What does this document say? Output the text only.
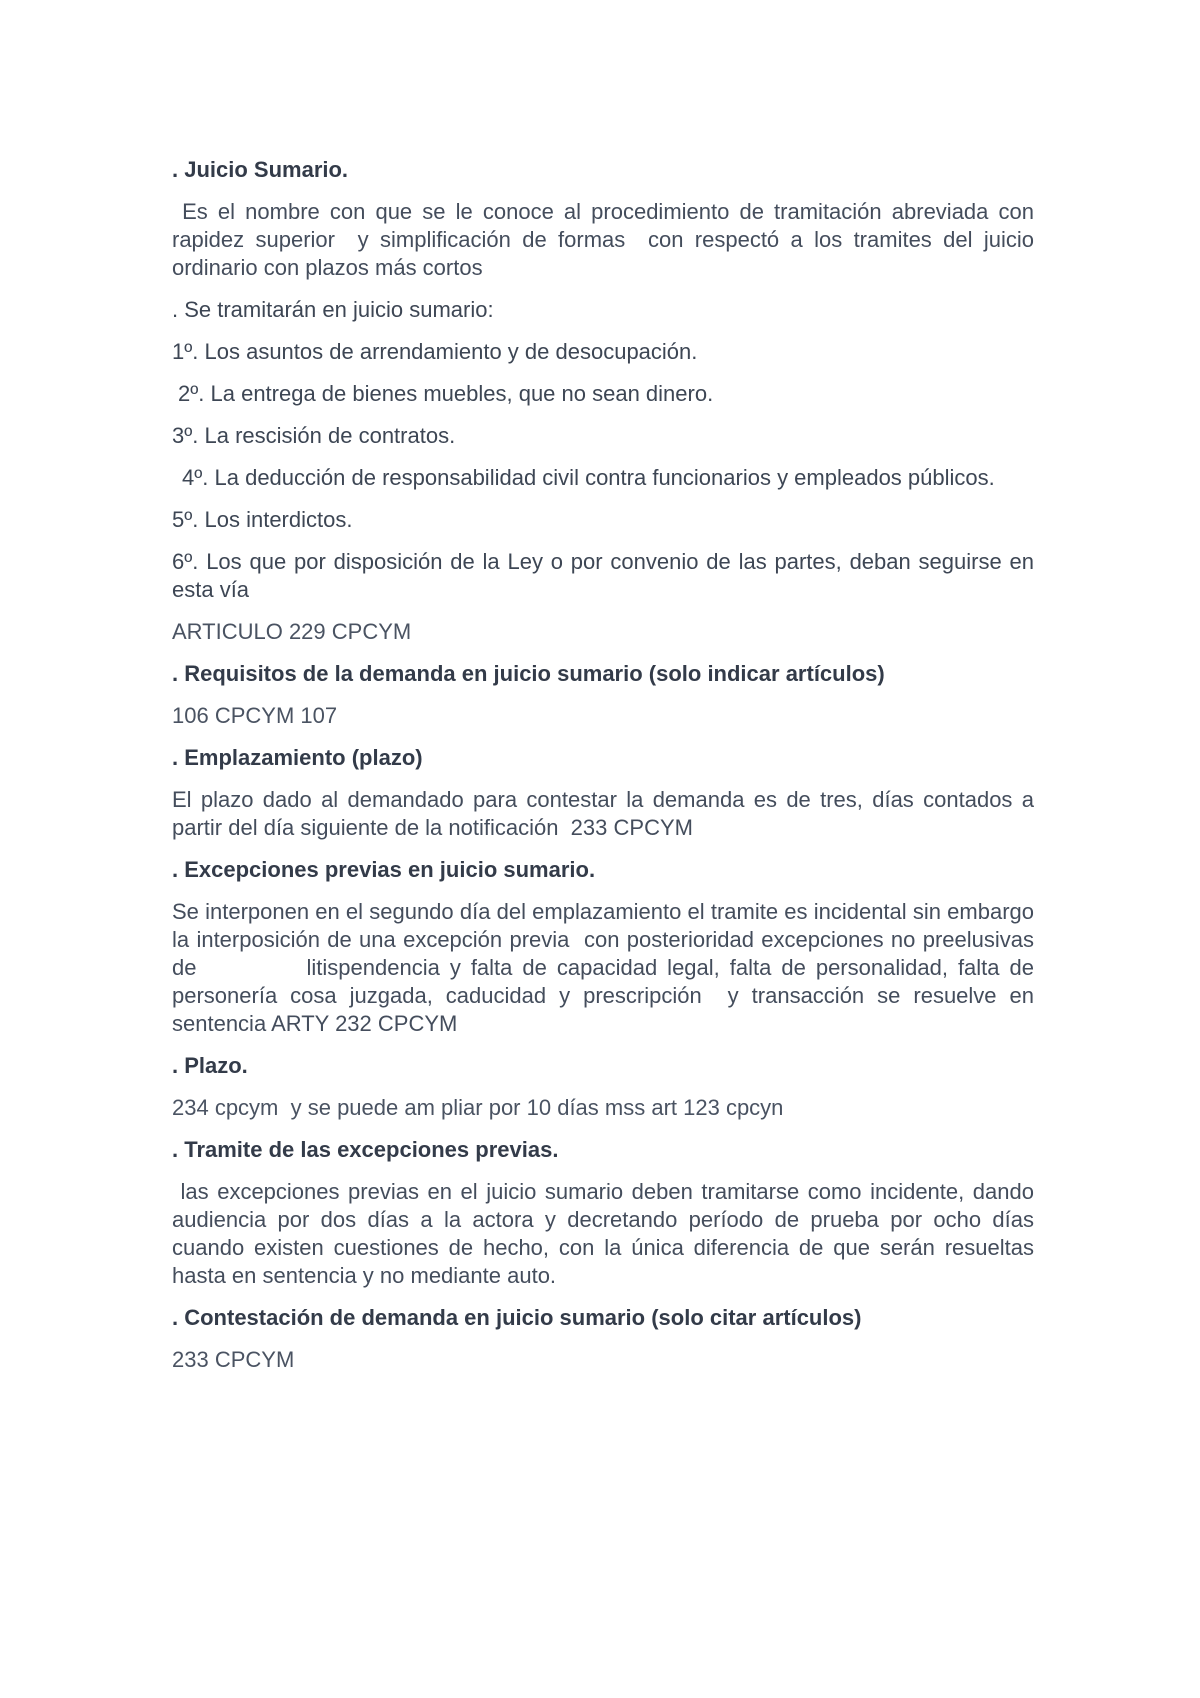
. Juicio Sumario.
Es el nombre con que se le conoce al procedimiento de tramitación abreviada con rapidez superior  y simplificación de formas  con respectó a los tramites del juicio ordinario con plazos más cortos
. Se tramitarán en juicio sumario:
1º. Los asuntos de arrendamiento y de desocupación.
2º. La entrega de bienes muebles, que no sean dinero.
3º. La rescisión de contratos.
4º. La deducción de responsabilidad civil contra funcionarios y empleados públicos.
5º. Los interdictos.
6º. Los que por disposición de la Ley o por convenio de las partes, deban seguirse en esta vía
ARTICULO 229 CPCYM
. Requisitos de la demanda en juicio sumario (solo indicar artículos)
106 CPCYM 107
. Emplazamiento (plazo)
El plazo dado al demandado para contestar la demanda es de tres, días contados a partir del día siguiente de la notificación  233 CPCYM
. Excepciones previas en juicio sumario.
Se interponen en el segundo día del emplazamiento el tramite es incidental sin embargo la interposición de una excepción previa  con posterioridad excepciones no preelusivas de           litispendencia y falta de capacidad legal, falta de personalidad, falta de personería cosa juzgada, caducidad y prescripción  y transacción se resuelve en sentencia ARTY 232 CPCYM
. Plazo.
234 cpcym  y se puede am pliar por 10 días mss art 123 cpcyn
. Tramite de las excepciones previas.
las excepciones previas en el juicio sumario deben tramitarse como incidente, dando audiencia por dos días a la actora y decretando período de prueba por ocho días cuando existen cuestiones de hecho, con la única diferencia de que serán resueltas hasta en sentencia y no mediante auto.
. Contestación de demanda en juicio sumario (solo citar artículos)
233 CPCYM
